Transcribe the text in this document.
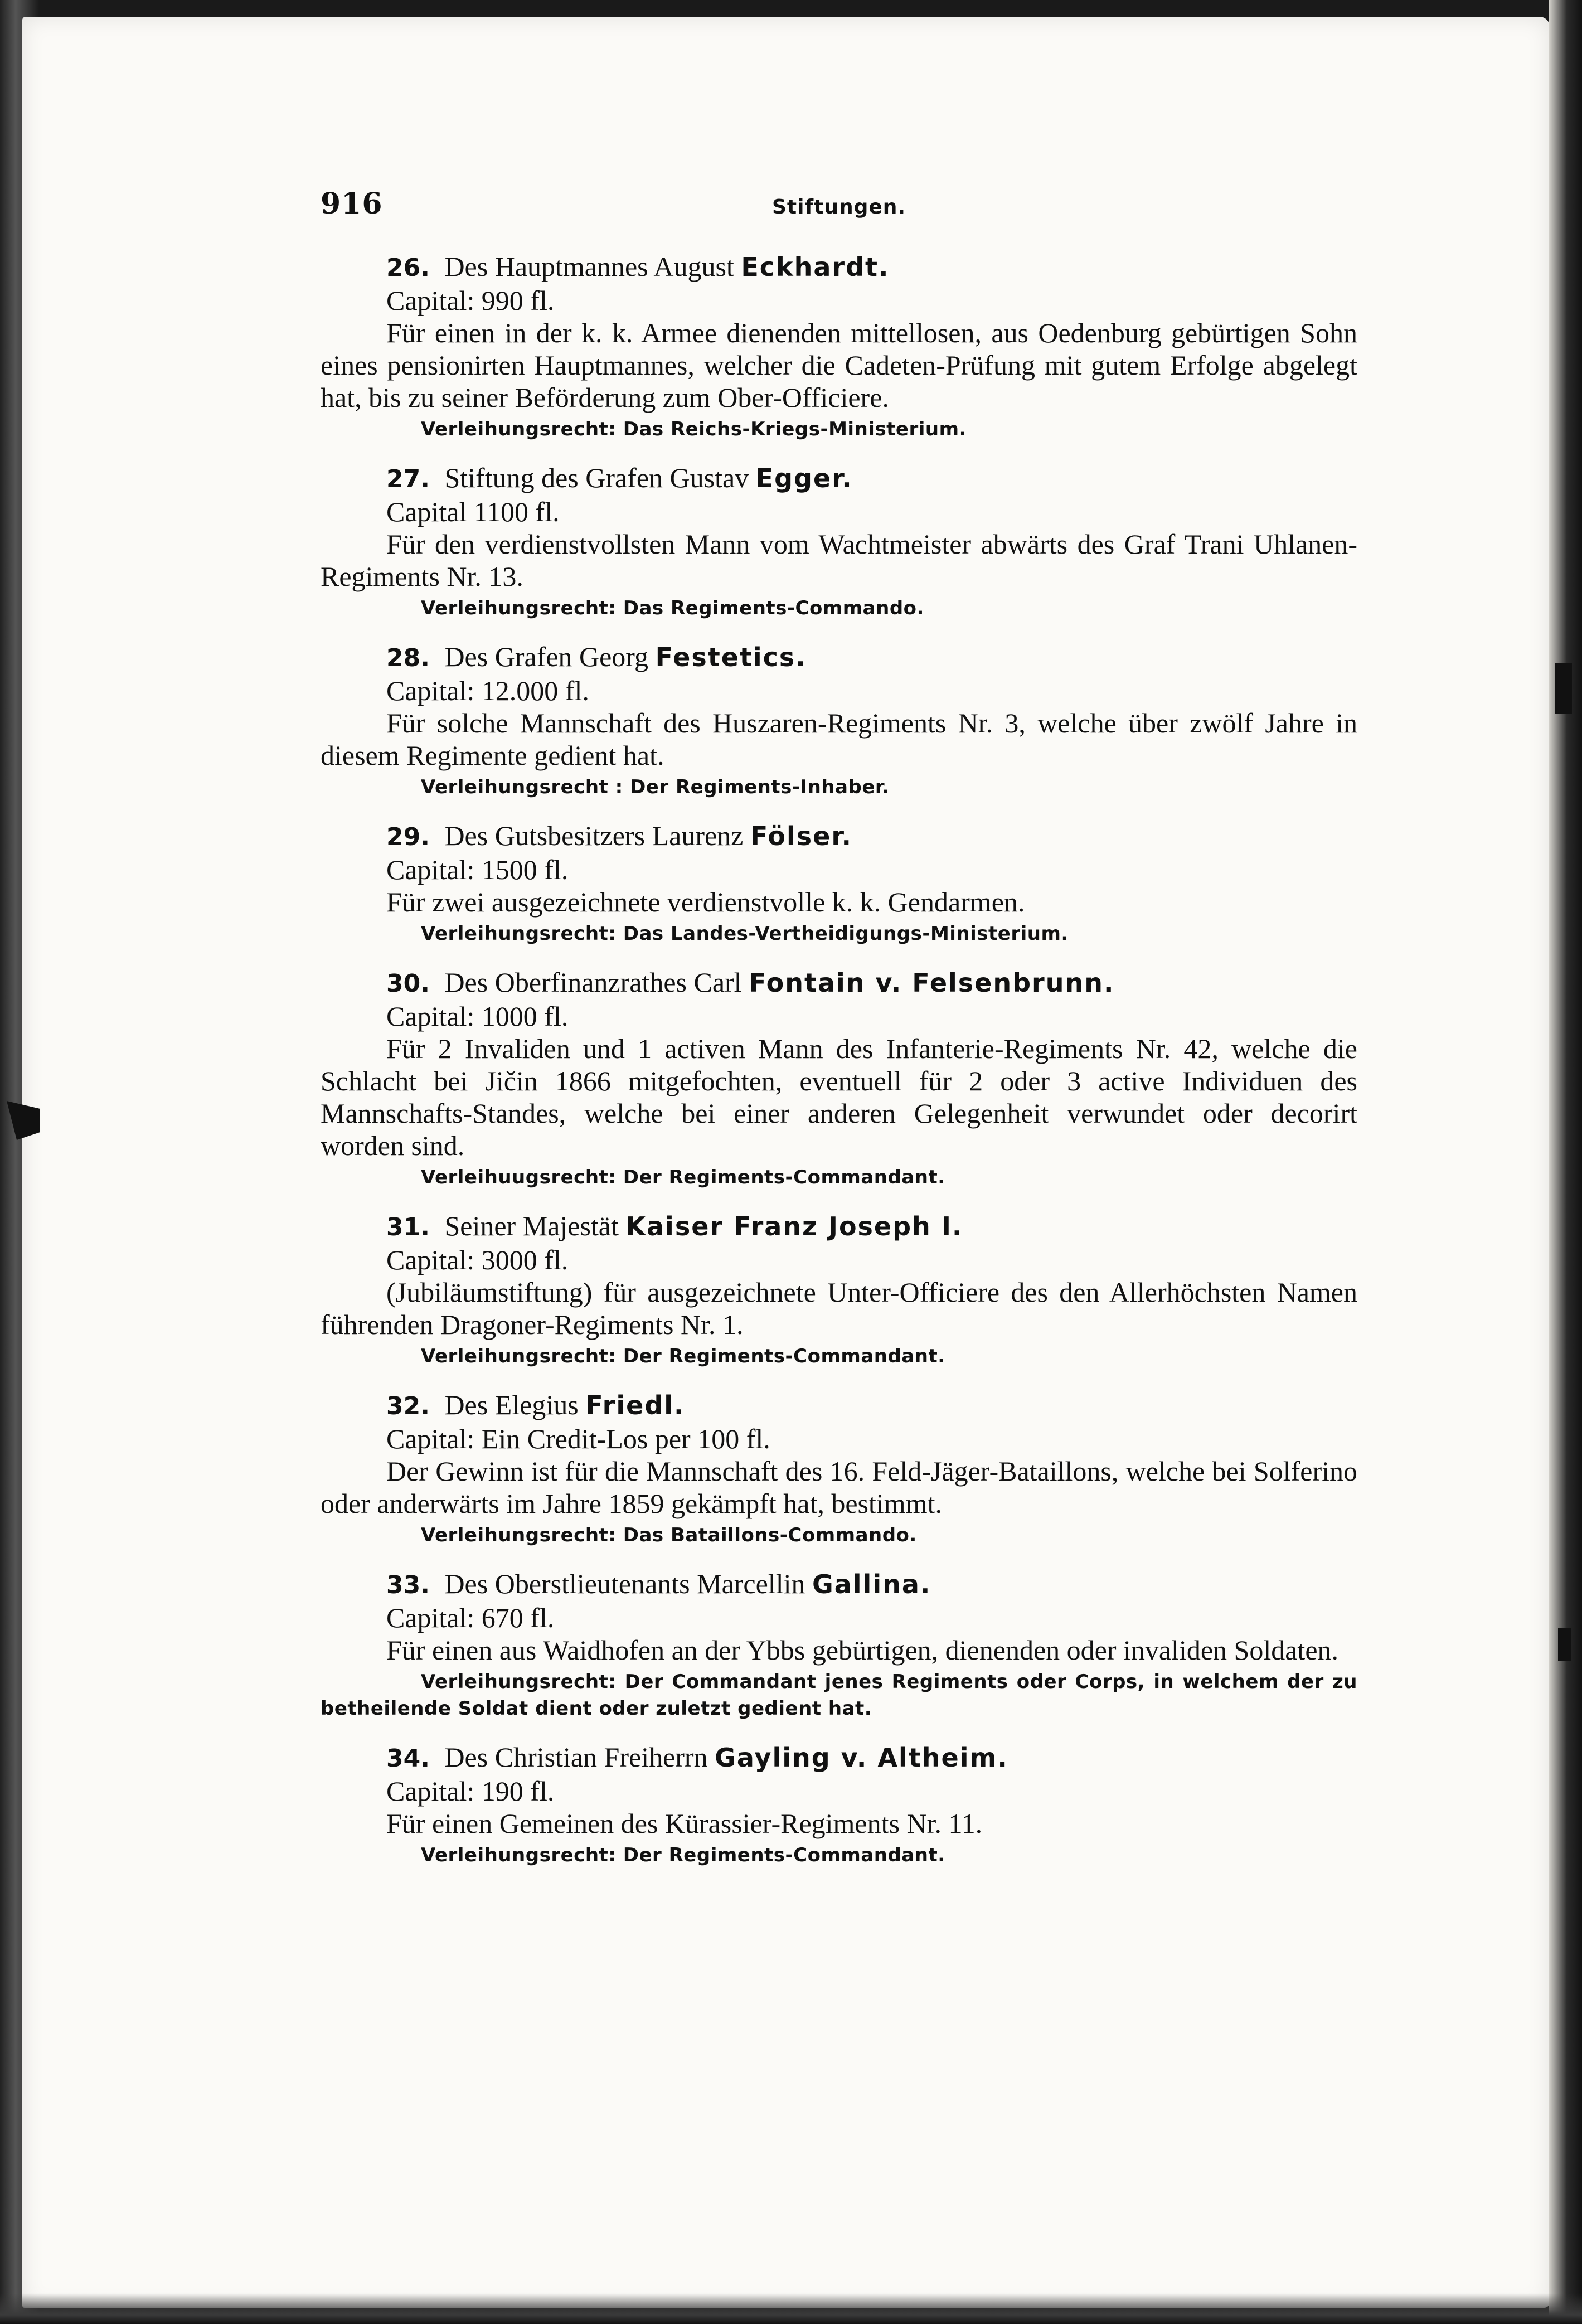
916	Stiftungen.

26. Des Hauptmannes August Eckhardt.

Capital: 990 fl.

Für einen in der k. k. Armee dienenden mittellosen, aus Oedenburg gebürtigen Sohn eines pensionirten Hauptmannes, welcher die Cadeten-Prüfung mit gutem Erfolge abgelegt hat, bis zu seiner Beförderung zum Ober-Officiere.

Verleihungsrecht: Das Reichs-Kriegs-Ministerium.

27. Stiftung des Grafen Gustav Egger.

Capital 1100 fl.

Für den verdienstvollsten Mann vom Wachtmeister abwärts des Graf Trani Uhlanen-Regiments Nr. 13.

Verleihungsrecht: Das Regiments-Commando.

28. Des Grafen Georg Festetics.

Capital: 12.000 fl.

Für solche Mannschaft des Huszaren-Regiments Nr. 3, welche über zwölf Jahre in diesem Regimente gedient hat.

Verleihungsrecht : Der Regiments-Inhaber.

29. Des Gutsbesitzers Laurenz Fölser.

Capital: 1500 fl.

Für zwei ausgezeichnete verdienstvolle k. k. Gendarmen.

Verleihungsrecht: Das Landes-Vertheidigungs-Ministerium.

30. Des Oberfinanzrathes Carl Fontain v. Felsenbrunn.

Capital: 1000 fl.

Für 2 Invaliden und 1 activen Mann des Infanterie-Regiments Nr. 42, welche die Schlacht bei Jičin 1866 mitgefochten, eventuell für 2 oder 3 active Individuen des Mannschafts-Standes, welche bei einer anderen Gelegenheit verwundet oder decorirt worden sind.

Verleihuugsrecht: Der Regiments-Commandant.

31. Seiner Majestät Kaiser Franz Joseph I.

Capital: 3000 fl.

(Jubiläumstiftung) für ausgezeichnete Unter-Officiere des den Allerhöchsten Namen führenden Dragoner-Regiments Nr. 1.

Verleihungsrecht: Der Regiments-Commandant.

32. Des Elegius Friedl.

Capital: Ein Credit-Los per 100 fl.

Der Gewinn ist für die Mannschaft des 16. Feld-Jäger-Bataillons, welche bei Solferino oder anderwärts im Jahre 1859 gekämpft hat, bestimmt.

Verleihungsrecht: Das Bataillons-Commando.

33. Des Oberstlieutenants Marcellin Gallina.

Capital: 670 fl.

Für einen aus Waidhofen an der Ybbs gebürtigen, dienenden oder invaliden Soldaten.

Verleihungsrecht: Der Commandant jenes Regiments oder Corps, in welchem der zu betheilende Soldat dient oder zuletzt gedient hat.

34. Des Christian Freiherrn Gayling v. Altheim.

Capital: 190 fl.

Für einen Gemeinen des Kürassier-Regiments Nr. 11.

Verleihungsrecht: Der Regiments-Commandant.
